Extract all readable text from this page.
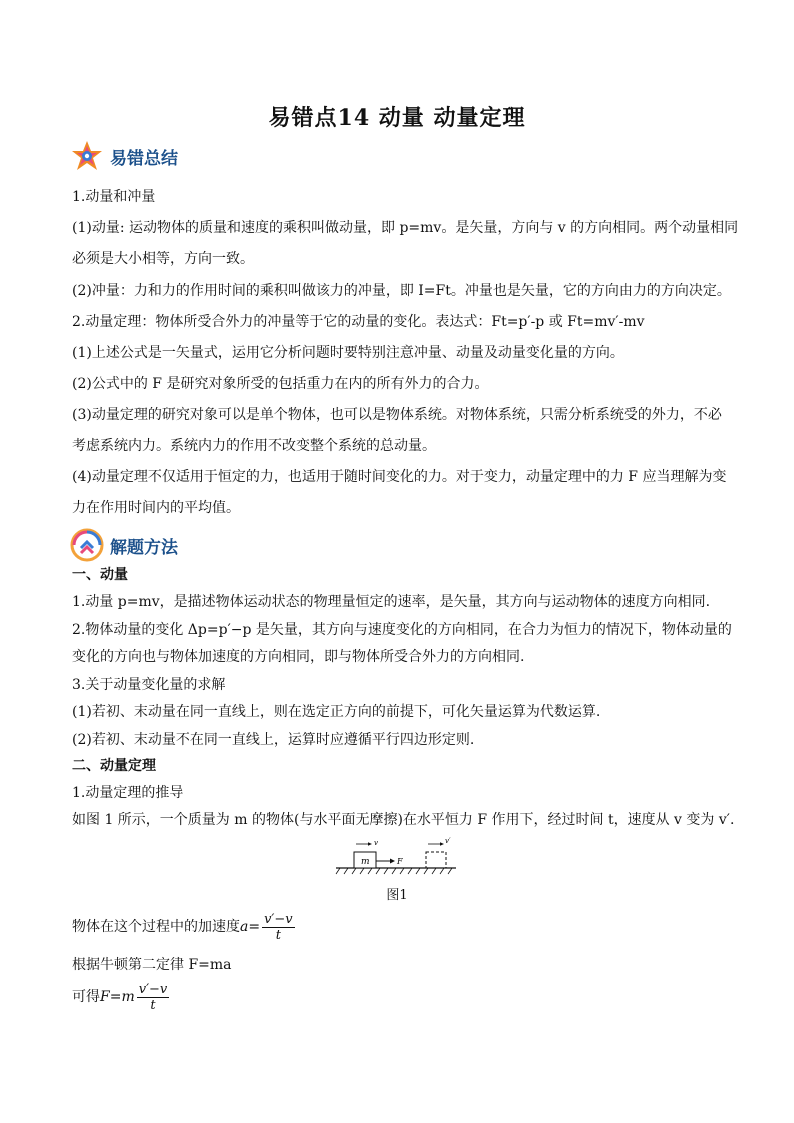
易错点14 动量 动量定理
易错总结
1.动量和冲量
(1)动量: 运动物体的质量和速度的乘积叫做动量，即 p=mv。是矢量，方向与 v 的方向相同。两个动量相同
必须是大小相等，方向一致。
(2)冲量：力和力的作用时间的乘积叫做该力的冲量，即 I=Ft。冲量也是矢量，它的方向由力的方向决定。
2.动量定理：物体所受合外力的冲量等于它的动量的变化。表达式：Ft=p′-p 或 Ft=mv′-mv
(1)上述公式是一矢量式，运用它分析问题时要特别注意冲量、动量及动量变化量的方向。
(2)公式中的 F 是研究对象所受的包括重力在内的所有外力的合力。
(3)动量定理的研究对象可以是单个物体，也可以是物体系统。对物体系统，只需分析系统受的外力，不必
考虑系统内力。系统内力的作用不改变整个系统的总动量。
(4)动量定理不仅适用于恒定的力，也适用于随时间变化的力。对于变力，动量定理中的力 F 应当理解为变
力在作用时间内的平均值。
解题方法
一、动量
1.动量 p=mv，是描述物体运动状态的物理量恒定的速率，是矢量，其方向与运动物体的速度方向相同.
2.物体动量的变化 Δp=p′−p 是矢量，其方向与速度变化的方向相同，在合力为恒力的情况下，物体动量的
变化的方向也与物体加速度的方向相同，即与物体所受合外力的方向相同.
3.关于动量变化量的求解
(1)若初、末动量在同一直线上，则在选定正方向的前提下，可化矢量运算为代数运算.
(2)若初、末动量不在同一直线上，运算时应遵循平行四边形定则.
二、动量定理
1.动量定理的推导
如图 1 所示，一个质量为 m 的物体(与水平面无摩擦)在水平恒力 F 作用下，经过时间 t，速度从 v 变为 v′.
m	F
v	v′
图1
物体在这个过程中的加速度 $a= \frac{v'-v}{t}$
根据牛顿第二定律 F=ma
可得 $F=m \frac{v'-v}{t}$
